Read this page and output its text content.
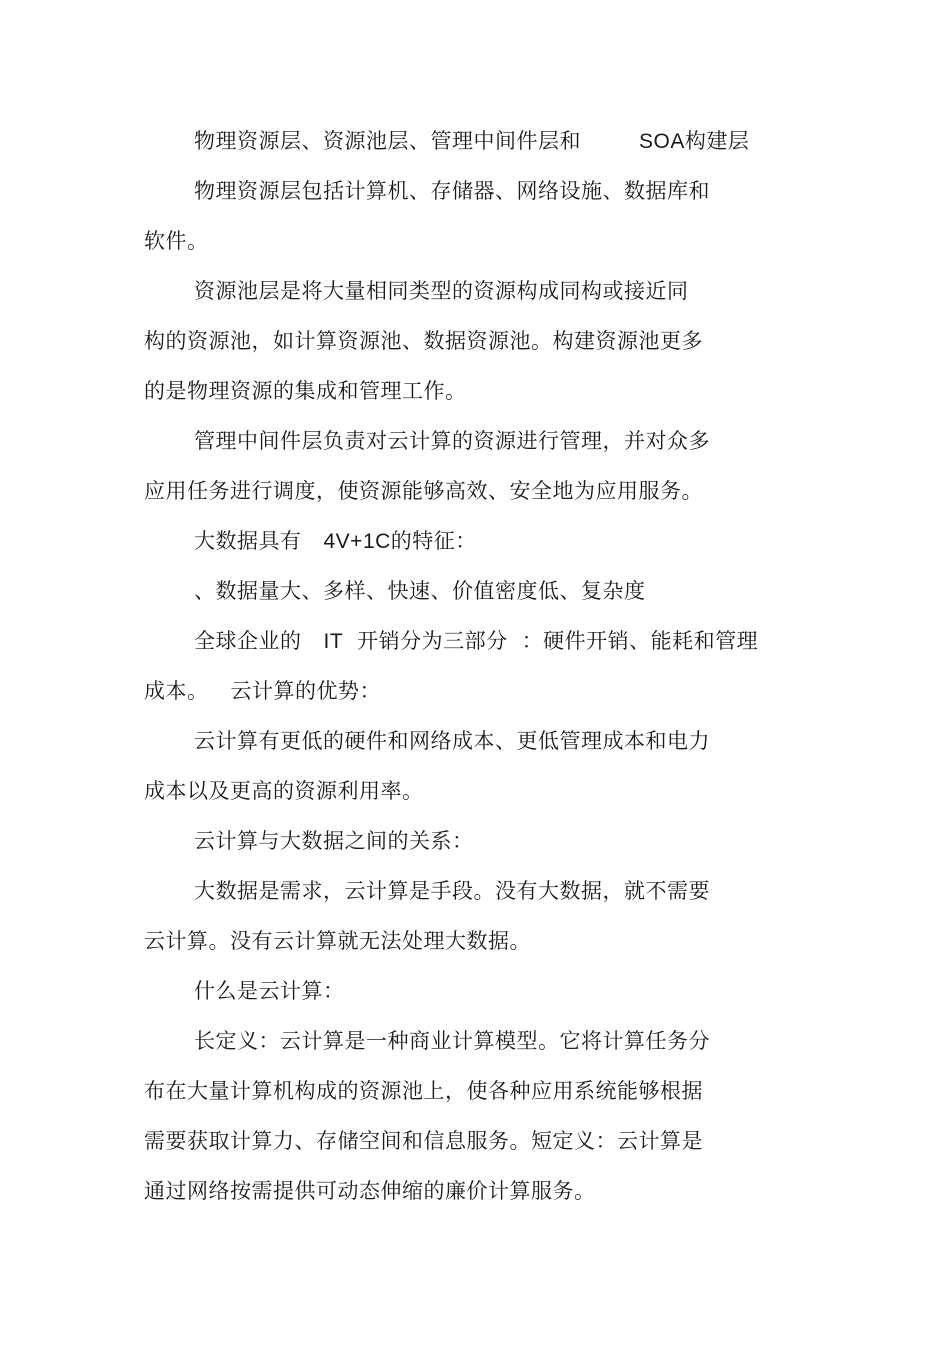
物理资源层、资源池层、管理中间件层和	SOA构建层
物理资源层包括计算机、存储器、网络设施、数据库和
软件。
资源池层是将大量相同类型的资源构成同构或接近同
构的资源池，如计算资源池、数据资源池。构建资源池更多
的是物理资源的集成和管理工作。
管理中间件层负责对云计算的资源进行管理，并对众多
应用任务进行调度，使资源能够高效、安全地为应用服务。
大数据具有 4V+1C的特征：
、数据量大、多样、快速、价值密度低、复杂度
全球企业的 IT 开销分为三部分 ：硬件开销、能耗和管理
成本。 云计算的优势：
云计算有更低的硬件和网络成本、更低管理成本和电力
成本以及更高的资源利用率。
云计算与大数据之间的关系：
大数据是需求，云计算是手段。没有大数据，就不需要
云计算。没有云计算就无法处理大数据。
什么是云计算：
长定义：云计算是一种商业计算模型。它将计算任务分
布在大量计算机构成的资源池上，使各种应用系统能够根据
需要获取计算力、存储空间和信息服务。短定义：云计算是
通过网络按需提供可动态伸缩的廉价计算服务。
